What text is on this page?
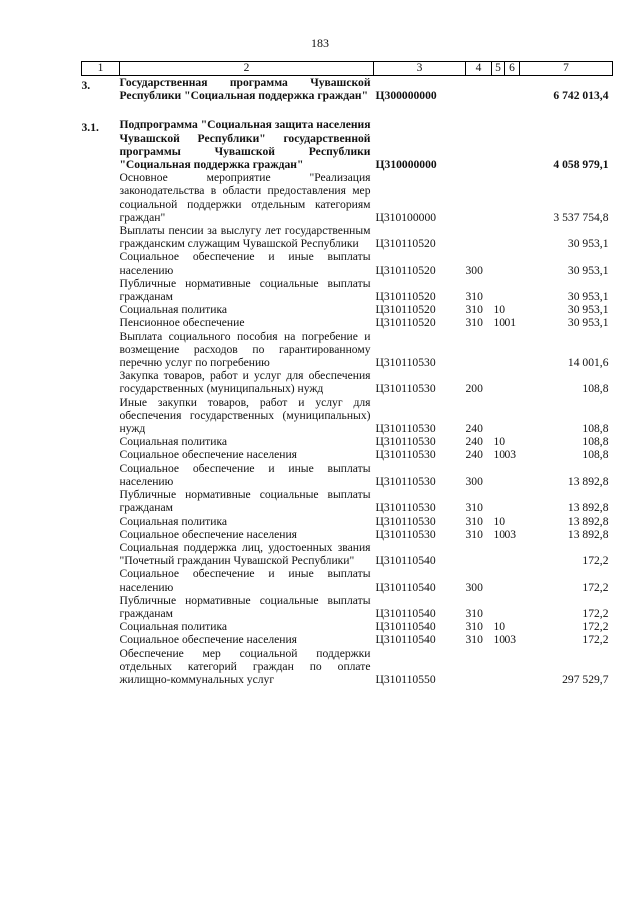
183
1	2	3	4	5	6	7
3.	Государственная программа Чувашской Республики "Социальная поддержка граждан"	Ц300000000				6 742 013,4

3.1.	Подпрограмма "Социальная защита населения Чувашской Республики" государственной программы Чувашской Республики "Социальная поддержка граждан"	Ц310000000				4 058 979,1
	Основное мероприятие "Реализация законодательства в области предоставления мер социальной поддержки отдельным категориям граждан"	Ц310100000				3 537 754,8
	Выплаты пенсии за выслугу лет государственным гражданским служащим Чувашской Республики	Ц310110520				30 953,1
	Социальное обеспечение и иные выплаты населению	Ц310110520	300			30 953,1
	Публичные нормативные социальные выплаты гражданам	Ц310110520	310			30 953,1
	Социальная политика	Ц310110520	310	10		30 953,1
	Пенсионное обеспечение	Ц310110520	310	10	01	30 953,1
	Выплата социального пособия на погребение и возмещение расходов по гарантированному перечню услуг по погребению	Ц310110530				14 001,6
	Закупка товаров, работ и услуг для обеспечения государственных (муниципальных) нужд	Ц310110530	200			108,8
	Иные закупки товаров, работ и услуг для обеспечения государственных (муниципальных) нужд	Ц310110530	240			108,8
	Социальная политика	Ц310110530	240	10		108,8
	Социальное обеспечение населения	Ц310110530	240	10	03	108,8
	Социальное обеспечение и иные выплаты населению	Ц310110530	300			13 892,8
	Публичные нормативные социальные выплаты гражданам	Ц310110530	310			13 892,8
	Социальная политика	Ц310110530	310	10		13 892,8
	Социальное обеспечение населения	Ц310110530	310	10	03	13 892,8
	Социальная поддержка лиц, удостоенных звания "Почетный гражданин Чувашской Республики"	Ц310110540				172,2
	Социальное обеспечение и иные выплаты населению	Ц310110540	300			172,2
	Публичные нормативные социальные выплаты гражданам	Ц310110540	310			172,2
	Социальная политика	Ц310110540	310	10		172,2
	Социальное обеспечение населения	Ц310110540	310	10	03	172,2
	Обеспечение мер социальной поддержки отдельных категорий граждан по оплате жилищно-коммунальных услуг	Ц310110550				297 529,7
